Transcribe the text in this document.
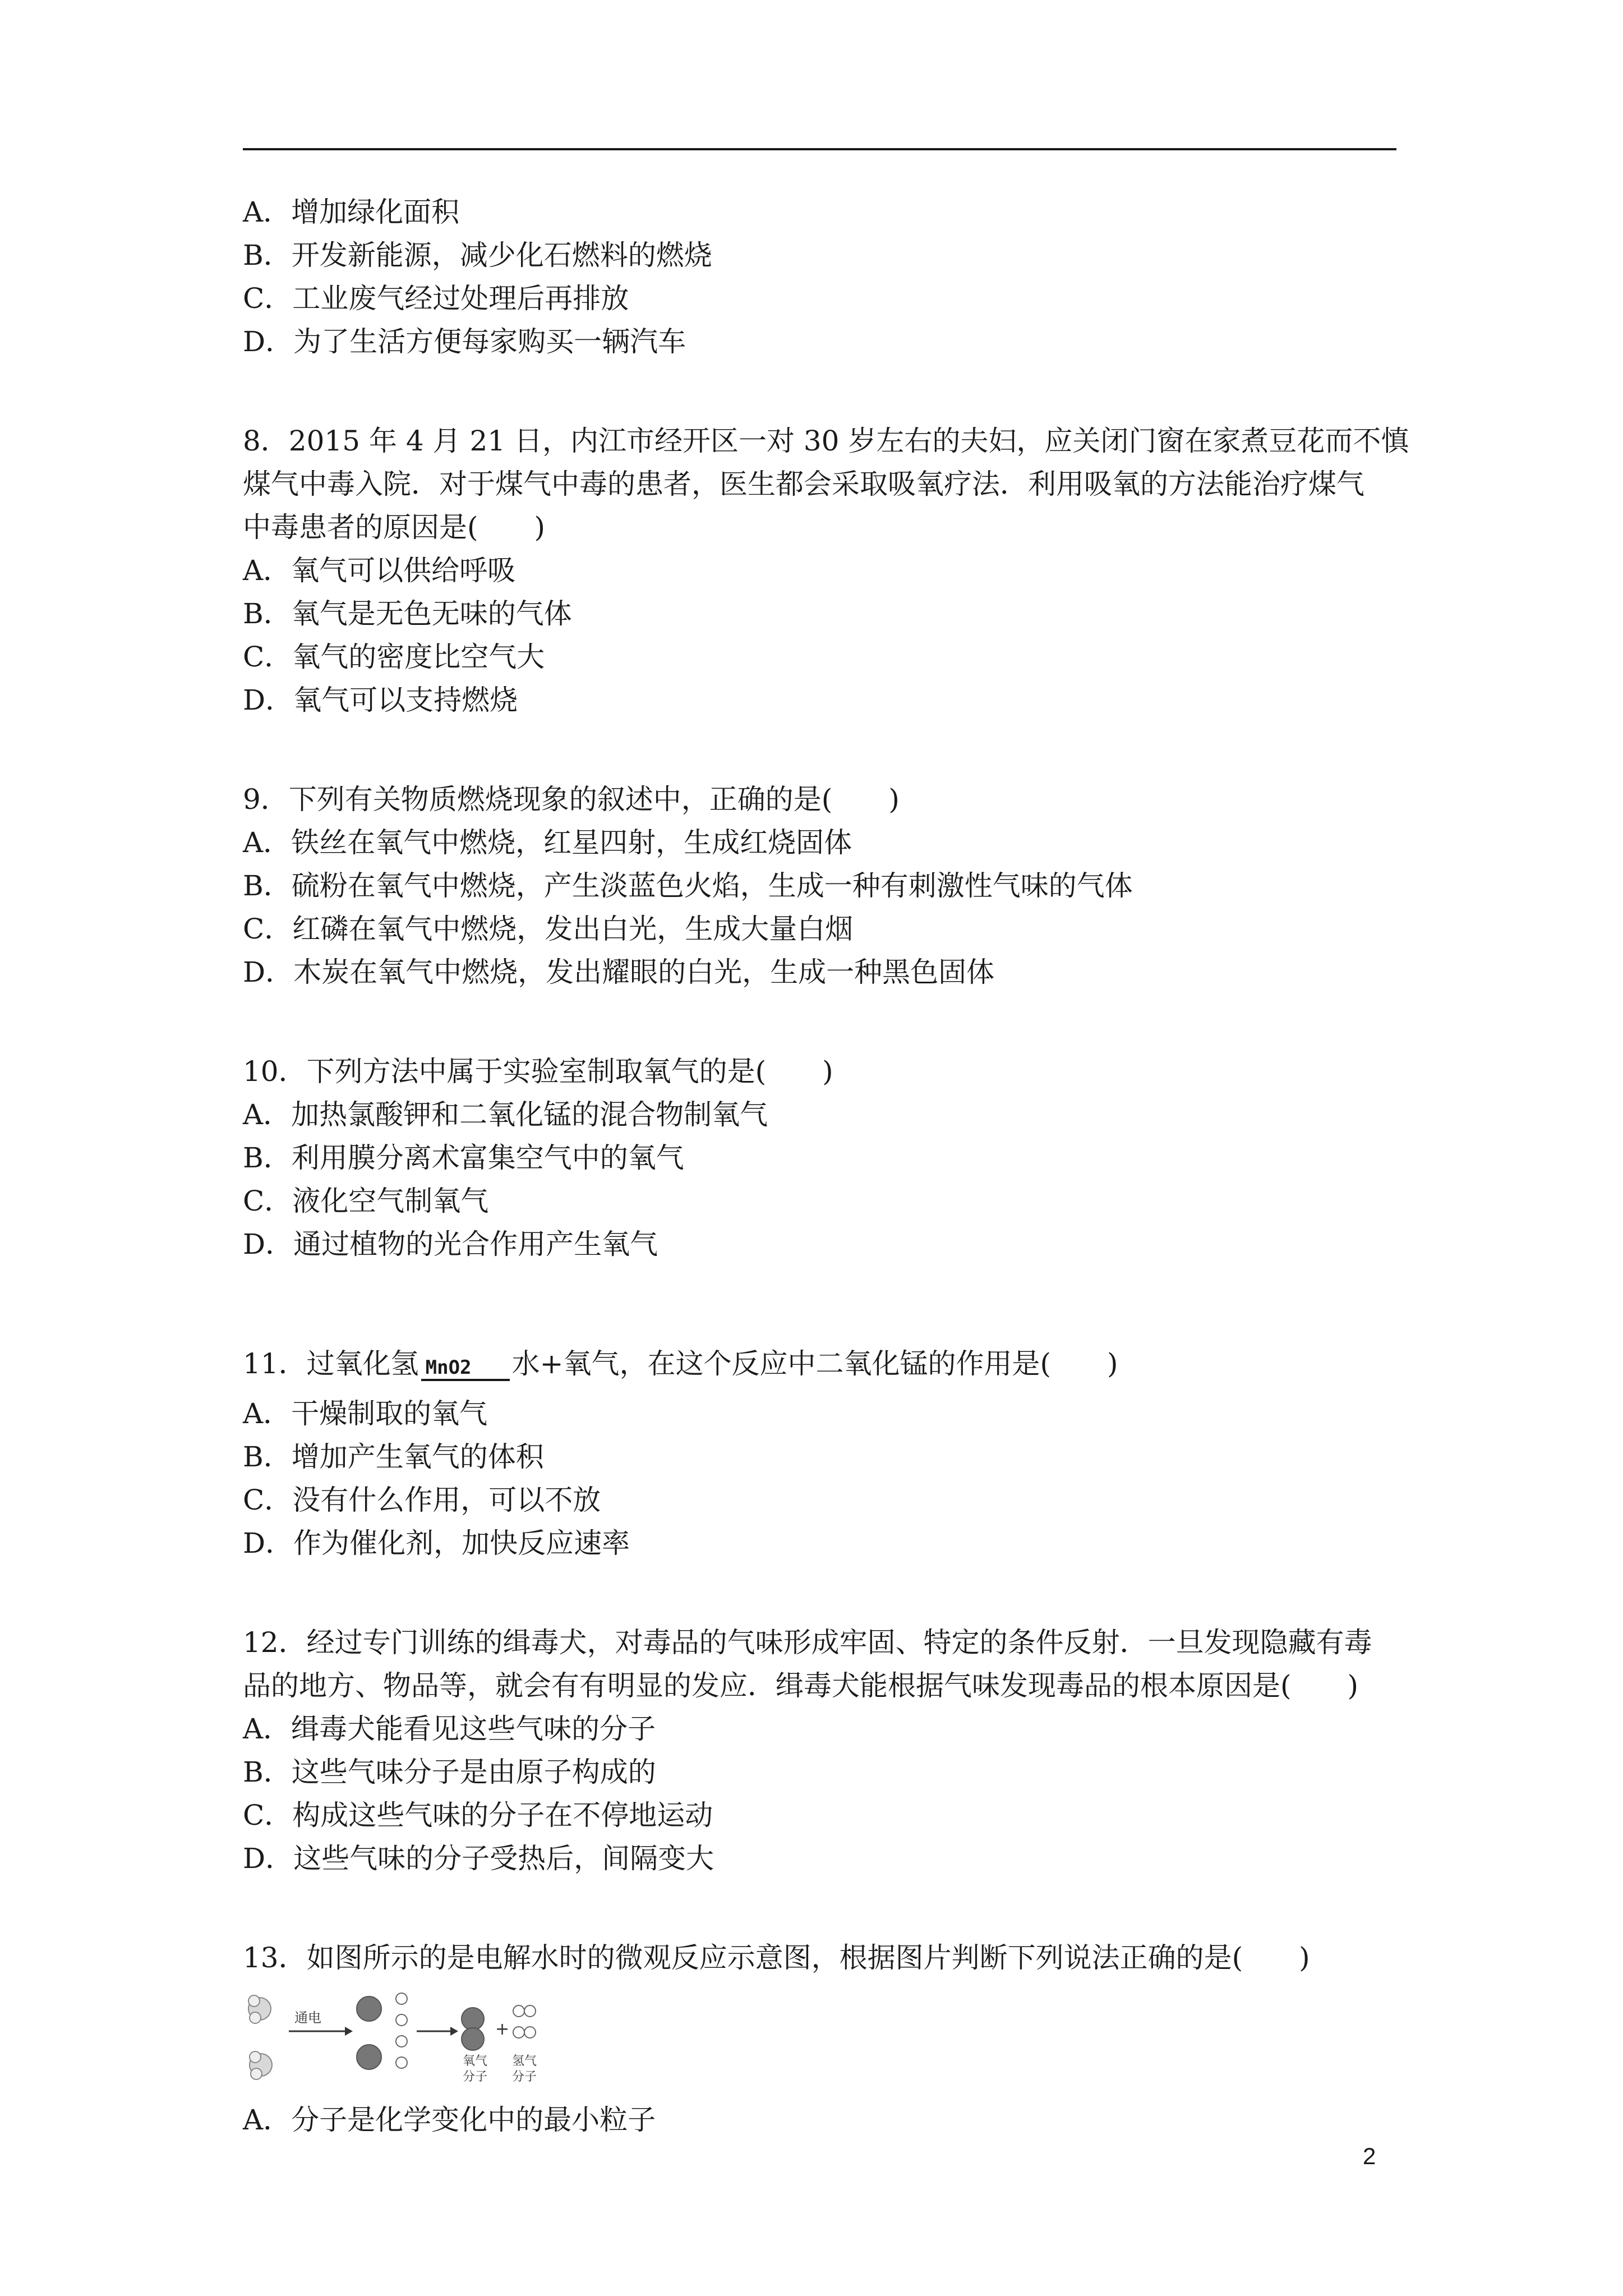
A．增加绿化面积
B．开发新能源，减少化石燃料的燃烧
C．工业废气经过处理后再排放
D．为了生活方便每家购买一辆汽车
8．2015 年 4 月 21 日，内江市经开区一对 30 岁左右的夫妇，应关闭门窗在家煮豆花而不慎
煤气中毒入院．对于煤气中毒的患者，医生都会采取吸氧疗法．利用吸氧的方法能治疗煤气
中毒患者的原因是(　　)
A．氧气可以供给呼吸
B．氧气是无色无味的气体
C．氧气的密度比空气大
D．氧气可以支持燃烧
9．下列有关物质燃烧现象的叙述中，正确的是(　　)
A．铁丝在氧气中燃烧，红星四射，生成红烧固体
B．硫粉在氧气中燃烧，产生淡蓝色火焰，生成一种有刺激性气味的气体
C．红磷在氧气中燃烧，发出白光，生成大量白烟
D．木炭在氧气中燃烧，发出耀眼的白光，生成一种黑色固体
10．下列方法中属于实验室制取氧气的是(　　)
A．加热氯酸钾和二氧化锰的混合物制氧气
B．利用膜分离术富集空气中的氧气
C．液化空气制氧气
D．通过植物的光合作用产生氧气
11．过氧化氢 MnO2 水+氧气，在这个反应中二氧化锰的作用是(　　)
A．干燥制取的氧气
B．增加产生氧气的体积
C．没有什么作用，可以不放
D．作为催化剂，加快反应速率
12．经过专门训练的缉毒犬，对毒品的气味形成牢固、特定的条件反射．一旦发现隐藏有毒
品的地方、物品等，就会有有明显的发应．缉毒犬能根据气味发现毒品的根本原因是(　　)
A．缉毒犬能看见这些气味的分子
B．这些气味分子是由原子构成的
C．构成这些气味的分子在不停地运动
D．这些气味的分子受热后，间隔变大
13．如图所示的是电解水时的微观反应示意图，根据图片判断下列说法正确的是(　　)
通电
+
氧气
分子
氢气
分子
A．分子是化学变化中的最小粒子
2
